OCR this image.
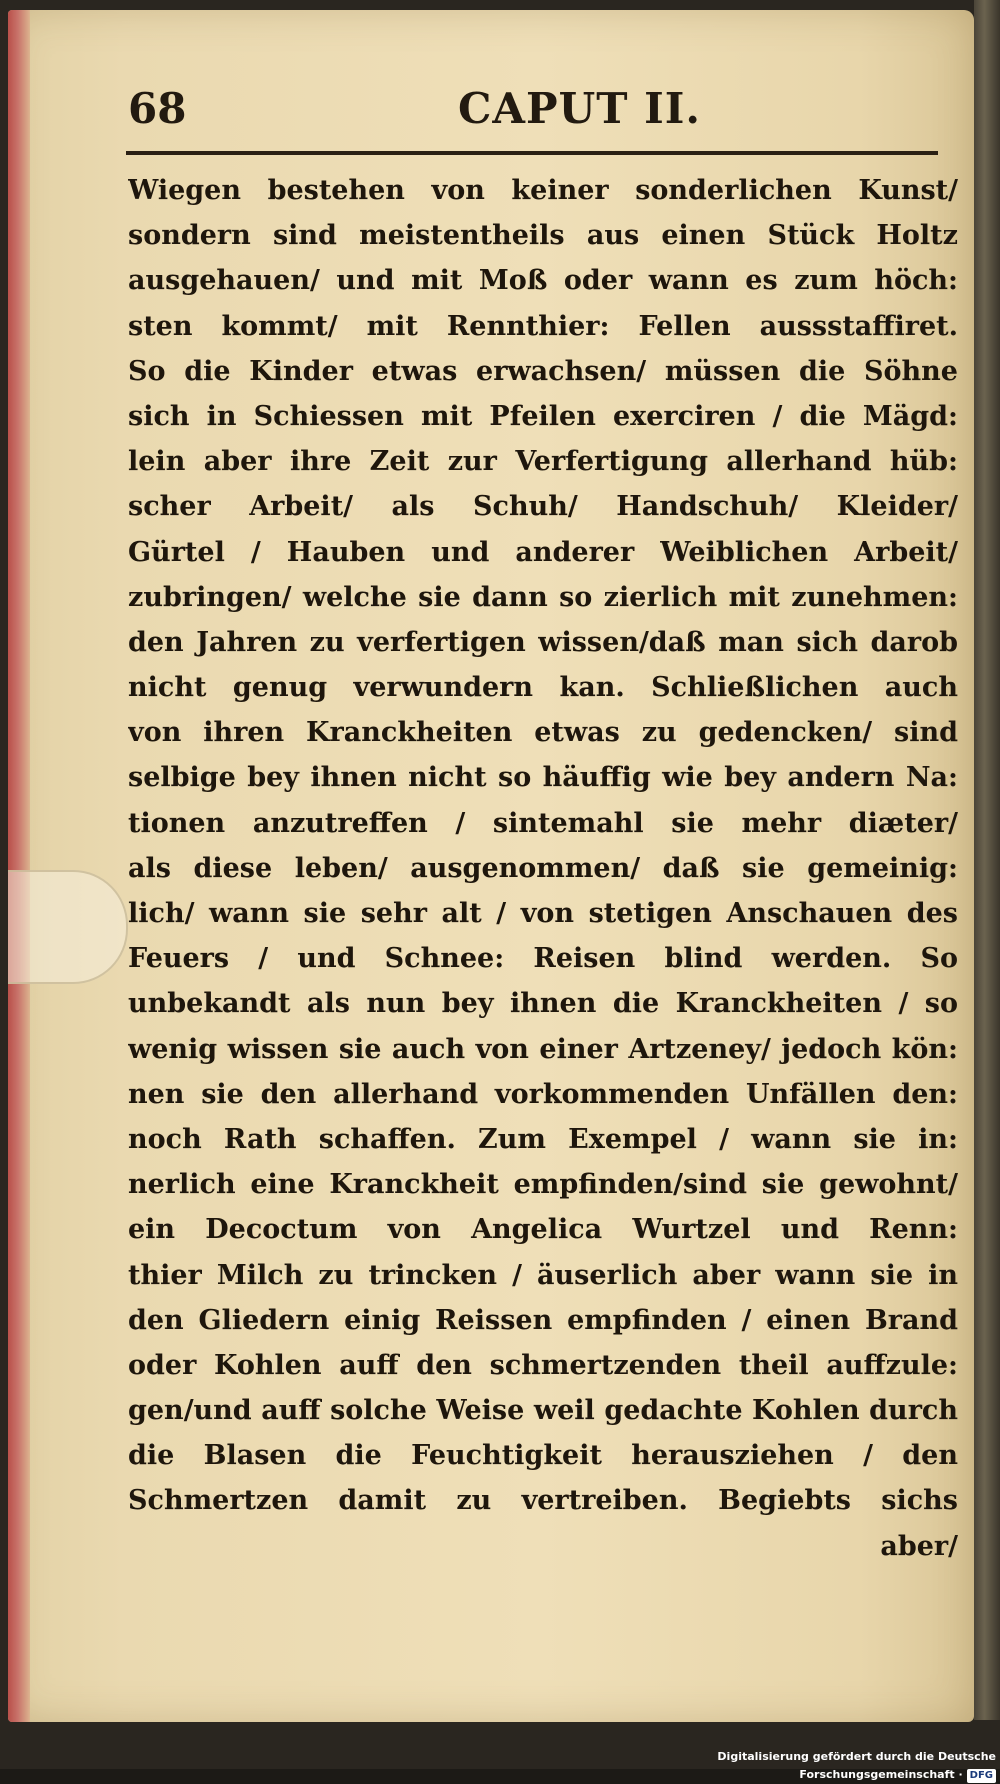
68	CAPUT II.
Wiegen bestehen von keiner sonderlichen Kunst/
sondern sind meistentheils aus einen Stück Holtz
ausgehauen/ und mit Moß oder wann es zum höch:
sten kommt/ mit Rennthier: Fellen aussstaffiret.
So die Kinder etwas erwachsen/ müssen die Söhne
sich in Schiessen mit Pfeilen exerciren / die Mägd:
lein aber ihre Zeit zur Verfertigung allerhand hüb:
scher Arbeit/ als Schuh/ Handschuh/ Kleider/
Gürtel / Hauben und anderer Weiblichen Arbeit/
zubringen/ welche sie dann so zierlich mit zunehmen:
den Jahren zu verfertigen wissen/daß man sich darob
nicht genug verwundern kan. Schließlichen auch
von ihren Kranckheiten etwas zu gedencken/ sind
selbige bey ihnen nicht so häuffig wie bey andern Na:
tionen anzutreffen / sintemahl sie mehr diæter/
als diese leben/ ausgenommen/ daß sie gemeinig:
lich/ wann sie sehr alt / von stetigen Anschauen des
Feuers / und Schnee: Reisen blind werden. So
unbekandt als nun bey ihnen die Kranckheiten / so
wenig wissen sie auch von einer Artzeney/ jedoch kön:
nen sie den allerhand vorkommenden Unfällen den:
noch Rath schaffen. Zum Exempel / wann sie in:
nerlich eine Kranckheit empfinden/sind sie gewohnt/
ein Decoctum von Angelica Wurtzel und Renn:
thier Milch zu trincken / äuserlich aber wann sie in
den Gliedern einig Reissen empfinden / einen Brand
oder Kohlen auff den schmertzenden theil auffzule:
gen/und auff solche Weise weil gedachte Kohlen durch
die Blasen die Feuchtigkeit herausziehen / den
Schmertzen damit zu vertreiben. Begiebts sichs
aber/
Digitalisierung gefördert durch die Deutsche Forschungsgemeinschaft · DFG
